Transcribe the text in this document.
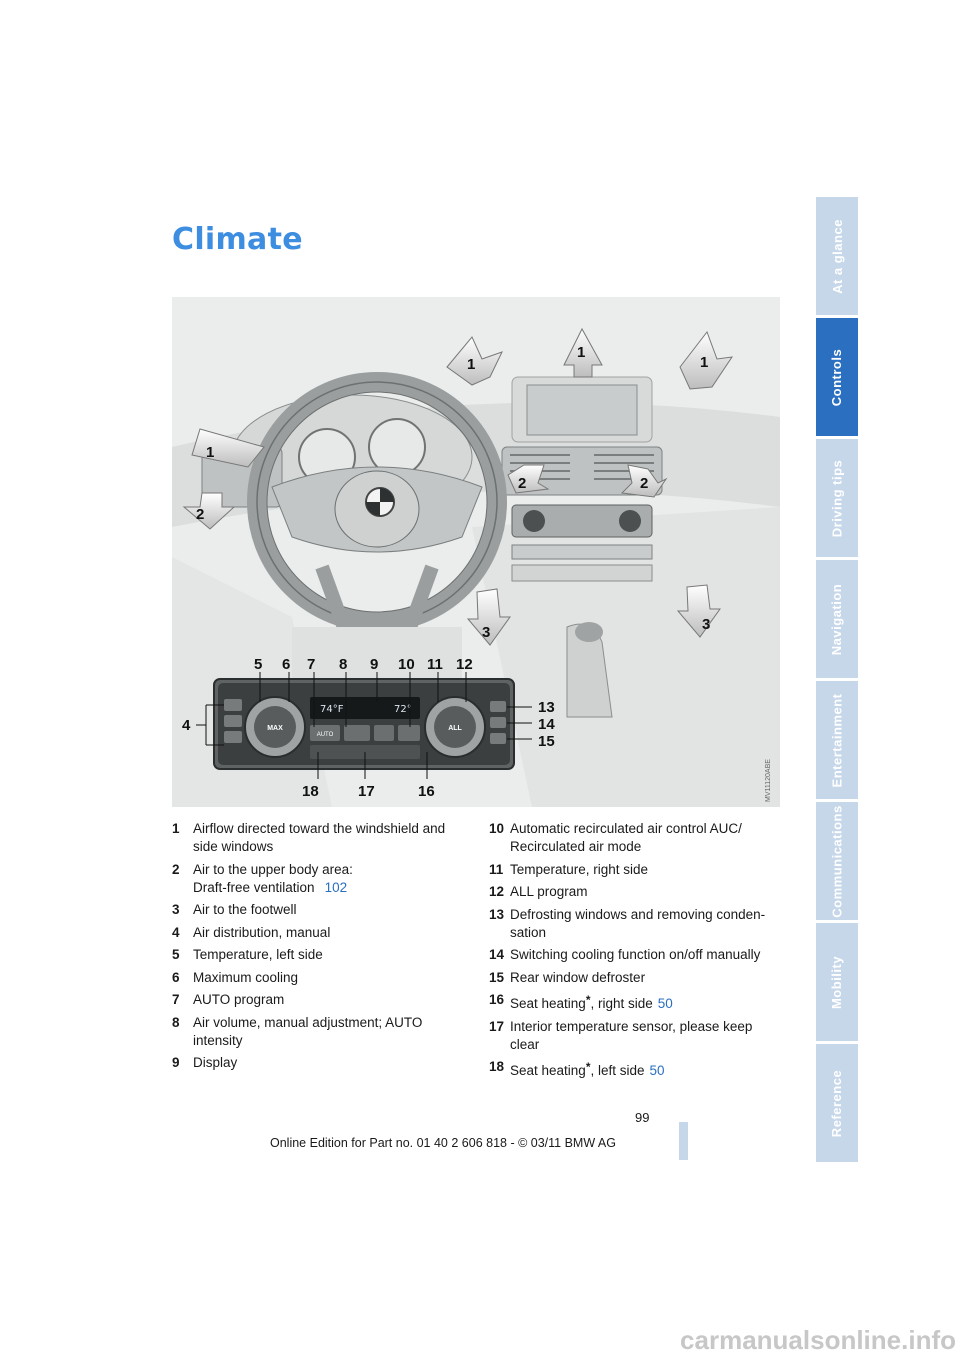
At a glance
Controls
Driving tips
Navigation
Entertainment
Communications
Mobility
Reference
Climate
1
1
1
1
2
2	2
3	3
MAX	ALL
74°F	72°
AUTO
5 6 7 8 9 10 11 12
13
14
15
4
18	17	16	MV11120ABE
1 Airflow directed toward the windshield and side windows
2 Air to the upper body area:
Draft-free ventilation 102
3 Air to the footwell
4 Air distribution, manual
5 Temperature, left side
6 Maximum cooling
7 AUTO program
8 Air volume, manual adjustment; AUTO intensity
9 Display
10 Automatic recirculated air control AUC/ Recirculated air mode
11 Temperature, right side
12 ALL program
13 Defrosting windows and removing conden-sation
14 Switching cooling function on/off manually
15 Rear window defroster
16 Seat heating*, right side 50
17 Interior temperature sensor, please keep clear
18 Seat heating*, left side 50
99
Online Edition for Part no. 01 40 2 606 818 - © 03/11 BMW AG
carmanualsonline.info
